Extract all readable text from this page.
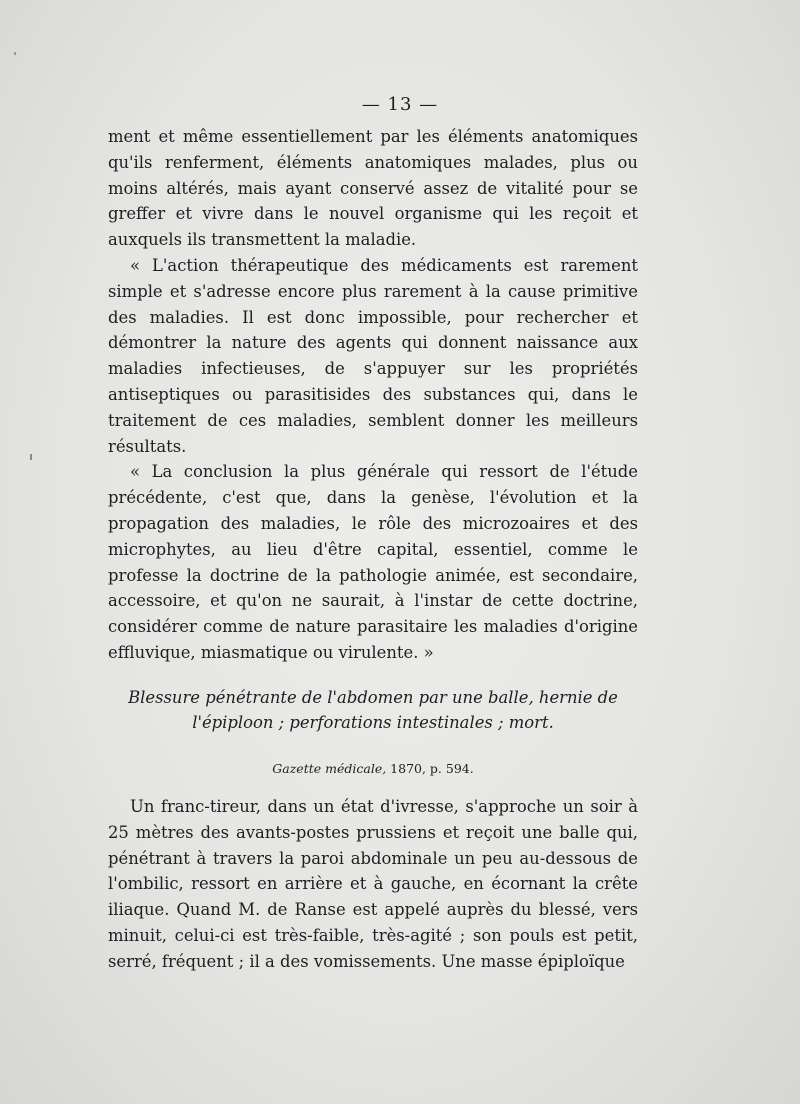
— 13 —

ment et même essentiellement par les éléments anatomiques qu'ils renferment, éléments anatomiques malades, plus ou moins altérés, mais ayant conservé assez de vitalité pour se greffer et vivre dans le nouvel organisme qui les reçoit et auxquels ils transmettent la maladie.

« L'action thérapeutique des médicaments est rarement simple et s'adresse encore plus rarement à la cause primitive des maladies. Il est donc impossible, pour rechercher et démontrer la nature des agents qui donnent naissance aux maladies infectieuses, de s'appuyer sur les propriétés antiseptiques ou parasitisides des substances qui, dans le traitement de ces maladies, semblent donner les meilleurs résultats.

« La conclusion la plus générale qui ressort de l'étude précédente, c'est que, dans la genèse, l'évolution et la propagation des maladies, le rôle des microzoaires et des microphytes, au lieu d'être capital, essentiel, comme le professe la doctrine de la pathologie animée, est secondaire, accessoire, et qu'on ne saurait, à l'instar de cette doctrine, considérer comme de nature parasitaire les maladies d'origine effluvique, miasmatique ou virulente. »

Blessure pénétrante de l'abdomen par une balle, hernie de l'épiploon ; perforations intestinales ; mort.
Gazette médicale, 1870, p. 594.

Un franc-tireur, dans un état d'ivresse, s'approche un soir à 25 mètres des avants-postes prussiens et reçoit une balle qui, pénétrant à travers la paroi abdominale un peu au-dessous de l'ombilic, ressort en arrière et à gauche, en écornant la crête iliaque. Quand M. de Ranse est appelé auprès du blessé, vers minuit, celui-ci est très-faible, très-agité ; son pouls est petit, serré, fréquent ; il a des vomissements. Une masse épiploïque
